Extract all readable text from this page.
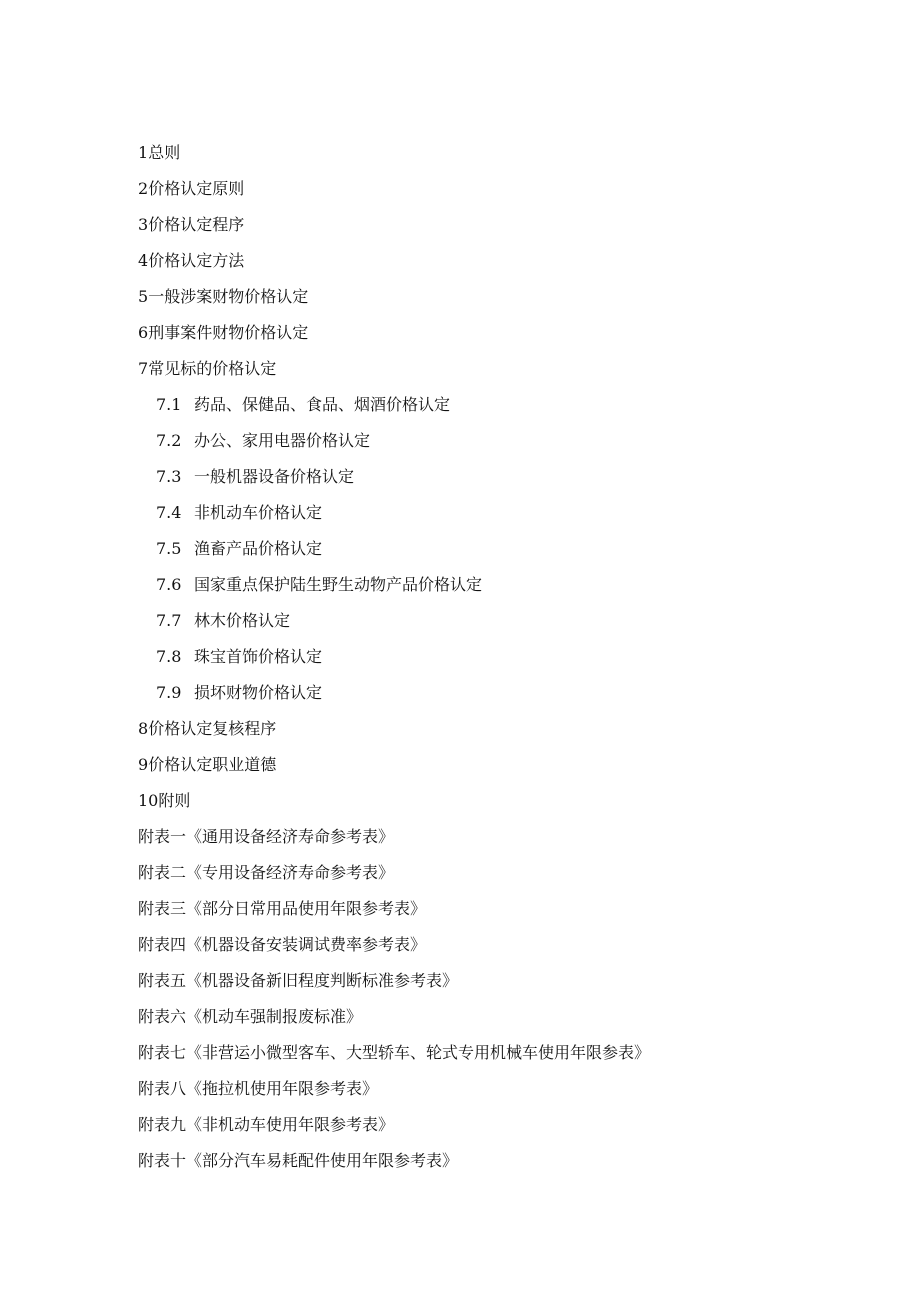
1总则
2价格认定原则
3价格认定程序
4价格认定方法
5一般涉案财物价格认定
6刑事案件财物价格认定
7常见标的价格认定
7.1 药品、保健品、食品、烟酒价格认定
7.2 办公、家用电器价格认定
7.3 一般机器设备价格认定
7.4 非机动车价格认定
7.5 渔畜产品价格认定
7.6 国家重点保护陆生野生动物产品价格认定
7.7 林木价格认定
7.8 珠宝首饰价格认定
7.9 损坏财物价格认定
8价格认定复核程序
9价格认定职业道德
10附则
附表一《通用设备经济寿命参考表》
附表二《专用设备经济寿命参考表》
附表三《部分日常用品使用年限参考表》
附表四《机器设备安装调试费率参考表》
附表五《机器设备新旧程度判断标准参考表》
附表六《机动车强制报废标准》
附表七《非营运小微型客车、大型轿车、轮式专用机械车使用年限参表》
附表八《拖拉机使用年限参考表》
附表九《非机动车使用年限参考表》
附表十《部分汽车易耗配件使用年限参考表》
